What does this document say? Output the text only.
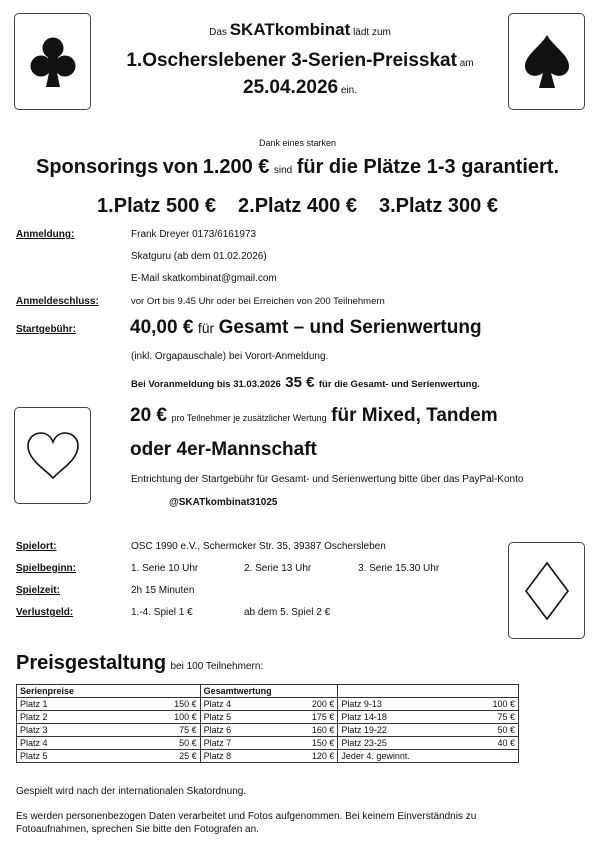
Das SKATkombinat lädt zum
1.Oscherslebener 3-Serien-Preisskat am
25.04.2026 ein.
Dank eines starken
Sponsorings von 1.200 € sind für die Plätze 1-3 garantiert.
1.Platz 500 € 2.Platz 400 € 3.Platz 300 €
Anmeldung:	Frank Dreyer 0173/6161973
Skatguru (ab dem 01.02.2026)
E-Mail skatkombinat@gmail.com
Anmeldeschluss:	vor Ort bis 9.45 Uhr oder bei Erreichen von 200 Teilnehmern
Startgebühr:	40,00 € für Gesamt – und Serienwertung
(inkl. Orgapauschale) bei Vorort-Anmeldung.
Bei Voranmeldung bis 31.03.2026 35 € für die Gesamt- und Serienwertung.
20 € pro Teilnehmer je zusätzlicher Wertung für Mixed, Tandem
oder 4er-Mannschaft
Entrichtung der Startgebühr für Gesamt- und Serienwertung bitte über das PayPal-Konto
@SKATkombinat31025
Spielort:	OSC 1990 e.V., Schermcker Str. 35, 39387 Oschersleben
Spielbeginn:	1. Serie 10 Uhr	2. Serie 13 Uhr	3. Serie 15.30 Uhr
Spielzeit:	2h 15 Minuten
Verlustgeld:	1.-4. Spiel 1 €	ab dem 5. Spiel 2 €
Preisgestaltung bei 100 Teilnehmern:
Serienpreise		Gesamtwertung			
Platz 1	150 €	Platz 4	200 €	Platz 9-13	100 €
Platz 2	100 €	Platz 5	175 €	Platz 14-18	75 €
Platz 3	75 €	Platz 6	160 €	Platz 19-22	50 €
Platz 4	50 €	Platz 7	150 €	Platz 23-25	40 €
Platz 5	25 €	Platz 8	120 €	Jeder 4. gewinnt.	
Gespielt wird nach der internationalen Skatordnung.
Es werden personenbezogen Daten verarbeitet und Fotos aufgenommen. Bei keinem Einverständnis zu
Fotoaufnahmen, sprechen Sie bitte den Fotografen an.
